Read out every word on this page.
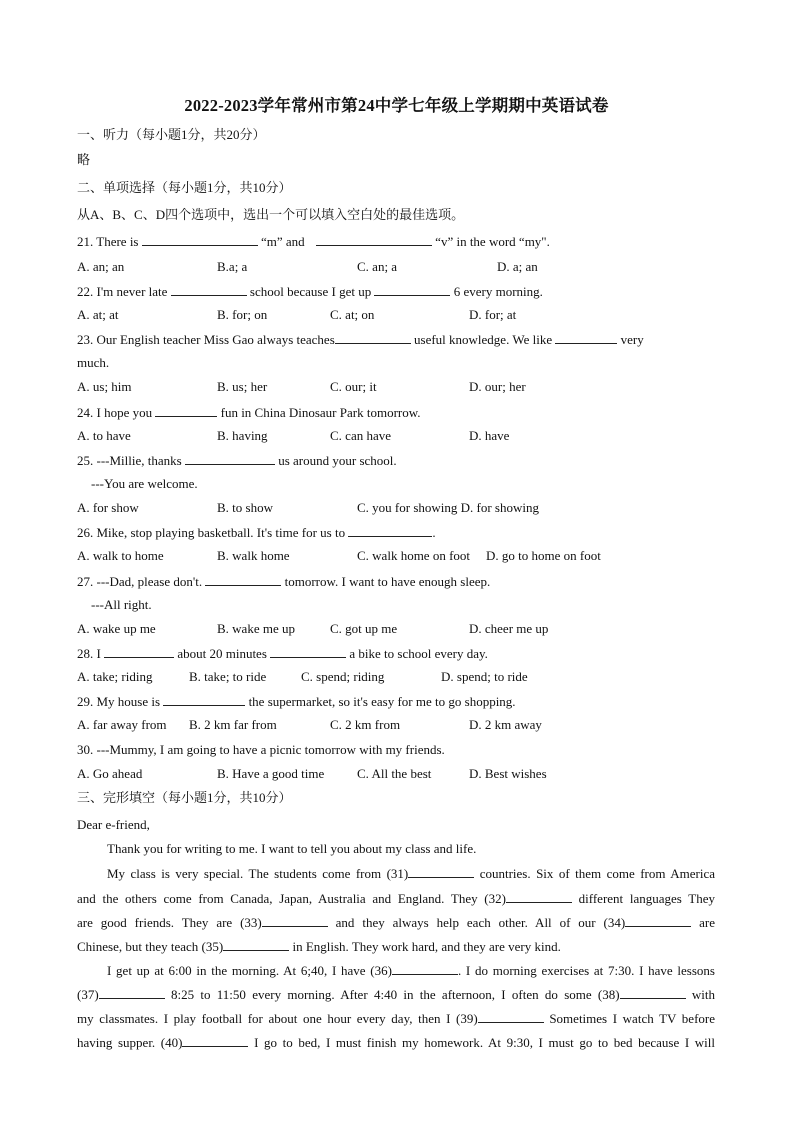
2022-2023学年常州市第24中学七年级上学期期中英语试卷
一、听力（每小题1分，共20分）
略
二、单项选择（每小题1分，共10分）
从A、B、C、D四个选项中，选出一个可以填入空白处的最佳选项。
21. There is	“m” and	“v” in the word “my".
A. an; an	B.a; a	C. an; a	D. a; an
22. I'm never late	school because I get up	6 every morning.
A. at; at	B. for; on	C. at; on	D. for; at
23. Our English teacher Miss Gao always teaches	useful knowledge. We like	very
much.
A. us; him	B. us; her	C. our; it	D. our; her
24. I hope you	fun in China Dinosaur Park tomorrow.
A. to have	B. having	C. can have	D. have
25. ---Millie, thanks	us around your school.
---You are welcome.
A. for show	B. to show	C. you for showing D. for showing
26. Mike, stop playing basketball. It's time for us to	.
A. walk to home	B. walk home	C. walk home on foot D. go to home on foot
27. ---Dad, please don't.	tomorrow. I want to have enough sleep.
---All right.
A. wake up me	B. wake me up	C. got up me	D. cheer me up
28. I	about 20 minutes	a bike to school every day.
A. take; riding	B. take; to ride	C. spend; riding	D. spend; to ride
29. My house is	the supermarket, so it's easy for me to go shopping.
A. far away from B. 2 km far from	C. 2 km from	D. 2 km away
30. ---Mummy, I am going to have a picnic tomorrow with my friends.
A. Go ahead	B. Have a good time	C. All the best	D. Best wishes
三、完形填空（每小题1分，共10分）
Dear e-friend,
Thank you for writing to me. I want to tell you about my class and life.
My class is very special. The students come from (31)	countries. Six of them come from America
and the others come from Canada, Japan, Australia and England. They (32)	different languages They
are good friends. They are (33)	and they always help each other. All of our (34)	are
Chinese, but they teach (35)	in English. They work hard, and they are very kind.
I get up at 6:00 in the morning. At 6;40, I have (36)	. I do morning exercises at 7:30. I have lessons
(37)	8:25 to 11:50 every morning. After 4:40 in the afternoon, I often do some (38)	with
my classmates. I play football for about one hour every day, then I (39)	Sometimes I watch TV before
having supper. (40)	I go to bed, I must finish my homework. At 9:30, I must go to bed because I will
